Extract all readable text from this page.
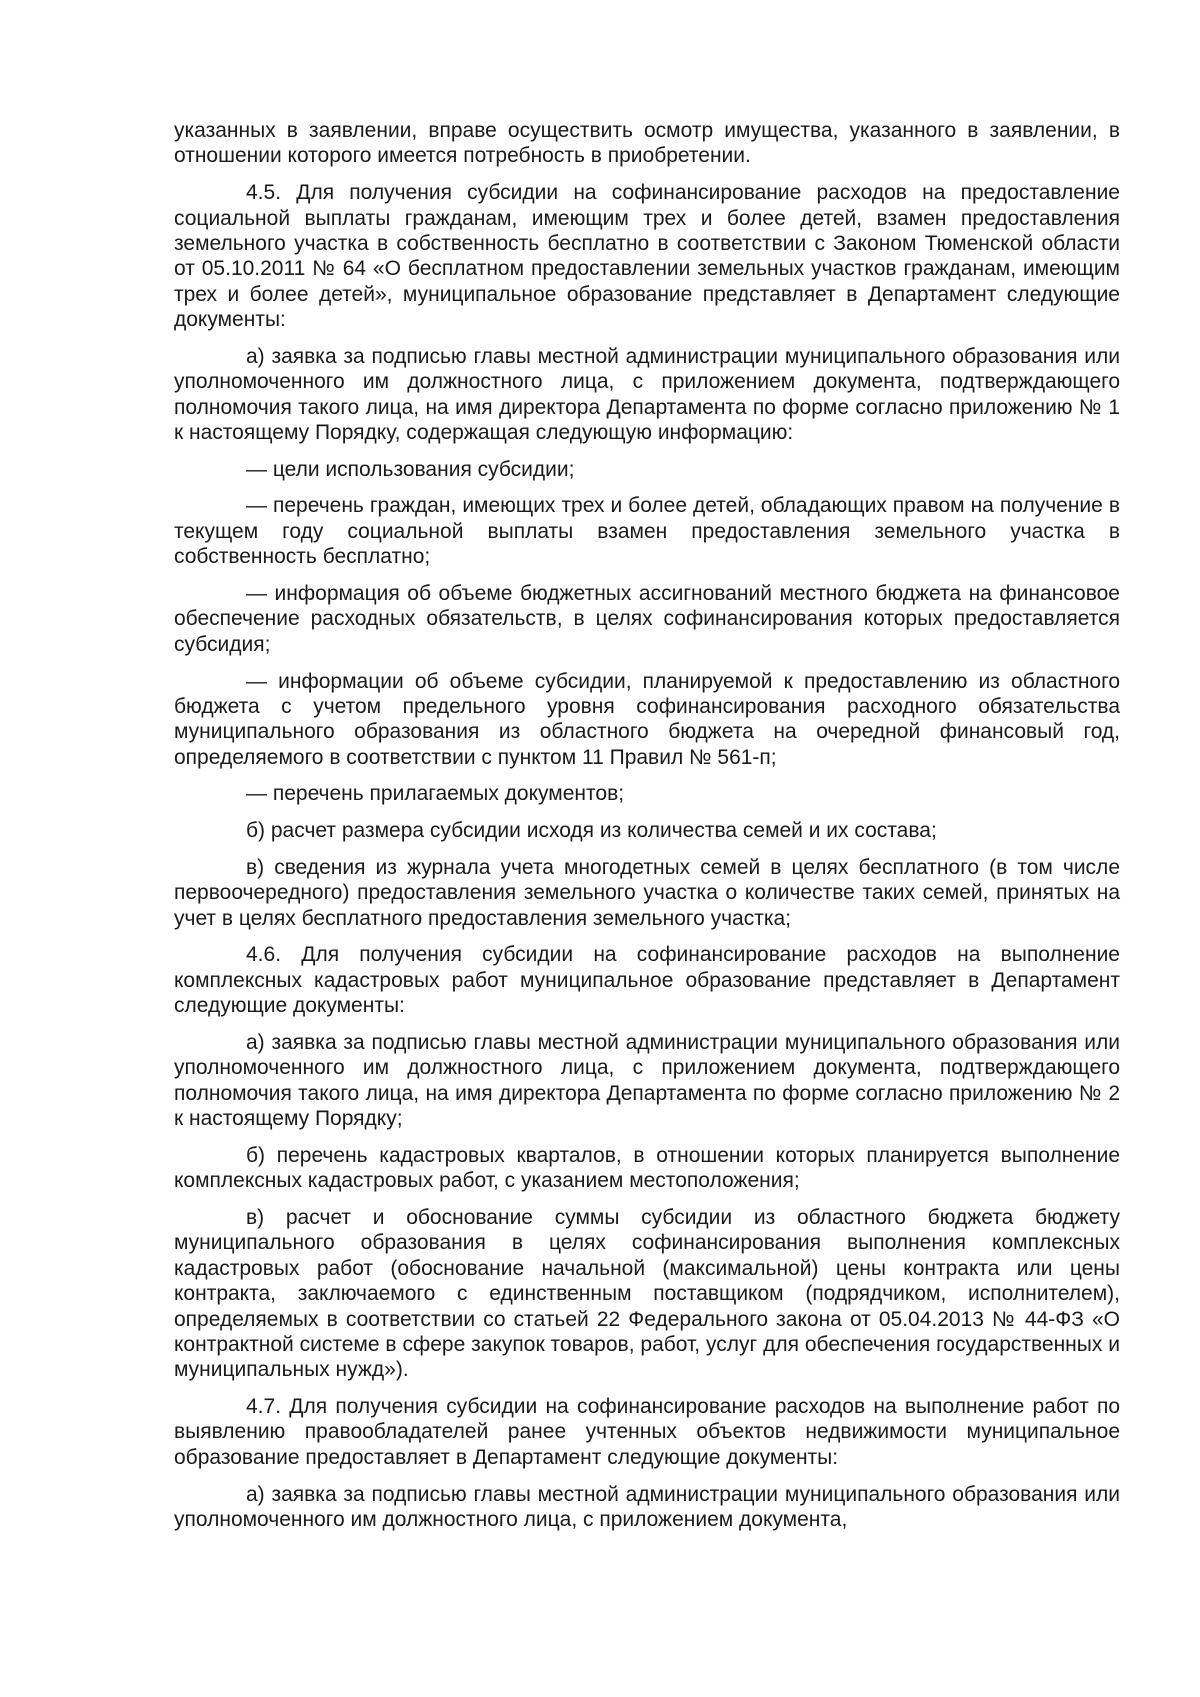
указанных в заявлении, вправе осуществить осмотр имущества, указанного в заявлении, в отношении которого имеется потребность в приобретении.

4.5. Для получения субсидии на софинансирование расходов на предоставление социальной выплаты гражданам, имеющим трех и более детей, взамен предоставления земельного участка в собственность бесплатно в соответствии с Законом Тюменской области от 05.10.2011 № 64 «О бесплатном предоставлении земельных участков гражданам, имеющим трех и более детей», муниципальное образование представляет в Департамент следующие документы:

а) заявка за подписью главы местной администрации муниципального образования или уполномоченного им должностного лица, с приложением документа, подтверждающего полномочия такого лица, на имя директора Департамента по форме согласно приложению № 1 к настоящему Порядку, содержащая следующую информацию:

— цели использования субсидии;

— перечень граждан, имеющих трех и более детей, обладающих правом на получение в текущем году социальной выплаты взамен предоставления земельного участка в собственность бесплатно;

— информация об объеме бюджетных ассигнований местного бюджета на финансовое обеспечение расходных обязательств, в целях софинансирования которых предоставляется субсидия;

— информации об объеме субсидии, планируемой к предоставлению из областного бюджета с учетом предельного уровня софинансирования расходного обязательства муниципального образования из областного бюджета на очередной финансовый год, определяемого в соответствии с пунктом 11 Правил № 561-п;

— перечень прилагаемых документов;

б) расчет размера субсидии исходя из количества семей и их состава;

в) сведения из журнала учета многодетных семей в целях бесплатного (в том числе первоочередного) предоставления земельного участка о количестве таких семей, принятых на учет в целях бесплатного предоставления земельного участка;

4.6. Для получения субсидии на софинансирование расходов на выполнение комплексных кадастровых работ муниципальное образование представляет в Департамент следующие документы:

а) заявка за подписью главы местной администрации муниципального образования или уполномоченного им должностного лица, с приложением документа, подтверждающего полномочия такого лица, на имя директора Департамента по форме согласно приложению № 2 к настоящему Порядку;

б) перечень кадастровых кварталов, в отношении которых планируется выполнение комплексных кадастровых работ, с указанием местоположения;

в) расчет и обоснование суммы субсидии из областного бюджета бюджету муниципального образования в целях софинансирования выполнения комплексных кадастровых работ (обоснование начальной (максимальной) цены контракта или цены контракта, заключаемого с единственным поставщиком (подрядчиком, исполнителем), определяемых в соответствии со статьей 22 Федерального закона от 05.04.2013 № 44-ФЗ «О контрактной системе в сфере закупок товаров, работ, услуг для обеспечения государственных и муниципальных нужд»).

4.7. Для получения субсидии на софинансирование расходов на выполнение работ по выявлению правообладателей ранее учтенных объектов недвижимости муниципальное образование предоставляет в Департамент следующие документы:

а) заявка за подписью главы местной администрации муниципального образования или уполномоченного им должностного лица, с приложением документа,
